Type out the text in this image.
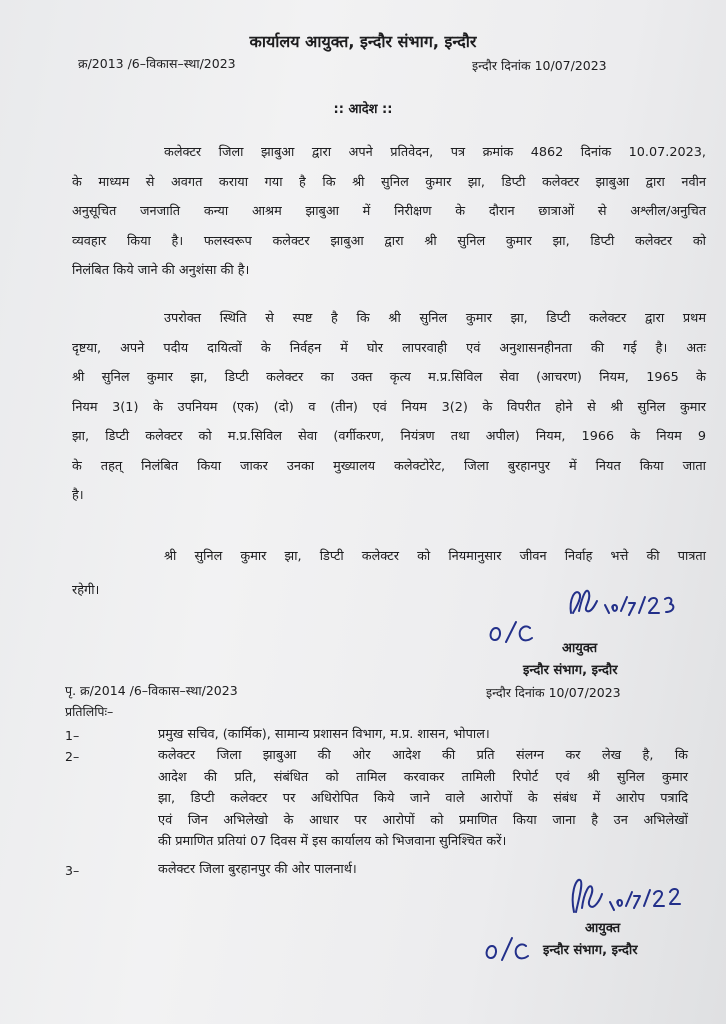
कार्यालय आयुक्त, इन्दौर संभाग, इन्दौर
क्र/2013 /6–विकास–स्था/2023	इन्दौर दिनांक 10/07/2023
:: आदेश ::
कलेक्टर जिला झाबुआ द्वारा अपने प्रतिवेदन, पत्र क्रमांक 4862 दिनांक 10.07.2023,
के माध्यम से अवगत कराया गया है कि श्री सुनिल कुमार झा, डिप्टी कलेक्टर झाबुआ द्वारा नवीन
अनुसूचित जनजाति कन्या आश्रम झाबुआ में निरीक्षण के दौरान छात्राओं से अश्लील/अनुचित
व्यवहार किया है। फलस्वरूप कलेक्टर झाबुआ द्वारा श्री सुनिल कुमार झा, डिप्टी कलेक्टर को
निलंबित किये जाने की अनुशंसा की है।
उपरोक्त स्थिति से स्पष्ट है कि श्री सुनिल कुमार झा, डिप्टी कलेक्टर द्वारा प्रथम
दृष्टया, अपने पदीय दायित्वों के निर्वहन में घोर लापरवाही एवं अनुशासनहीनता की गई है। अतः
श्री सुनिल कुमार झा, डिप्टी कलेक्टर का उक्त कृत्य म.प्र.सिविल सेवा (आचरण) नियम, 1965 के
नियम 3(1) के उपनियम (एक) (दो) व (तीन) एवं नियम 3(2) के विपरीत होने से श्री सुनिल कुमार
झा, डिप्टी कलेक्टर को म.प्र.सिविल सेवा (वर्गीकरण, नियंत्रण तथा अपील) नियम, 1966 के नियम 9
के तहत् निलंबित किया जाकर उनका मुख्यालय कलेक्टोरेट, जिला बुरहानपुर में नियत किया जाता
है।
श्री सुनिल कुमार झा, डिप्टी कलेक्टर को नियमानुसार जीवन निर्वाह भत्ते की पात्रता
रहेगी।
आयुक्त
इन्दौर संभाग, इन्दौर
पृ. क्र/2014 /6–विकास–स्था/2023	इन्दौर दिनांक 10/07/2023
प्रतिलिपिः–
1–	प्रमुख सचिव, (कार्मिक), सामान्य प्रशासन विभाग, म.प्र. शासन, भोपाल।
2–	कलेक्टर जिला झाबुआ की ओर आदेश की प्रति संलग्न कर लेख है, कि
आदेश की प्रति, संबंधित को तामिल करवाकर तामिली रिपोर्ट एवं श्री सुनिल कुमार
झा, डिप्टी कलेक्टर पर अधिरोपित किये जाने वाले आरोपों के संबंध में आरोप पत्रादि
एवं जिन अभिलेखो के आधार पर आरोपों को प्रमाणित किया जाना है उन अभिलेखों
की प्रमाणित प्रतियां 07 दिवस में इस कार्यालय को भिजवाना सुनिश्चित करें।
3–	कलेक्टर जिला बुरहानपुर की ओर पालनार्थ।
आयुक्त
इन्दौर संभाग, इन्दौर
